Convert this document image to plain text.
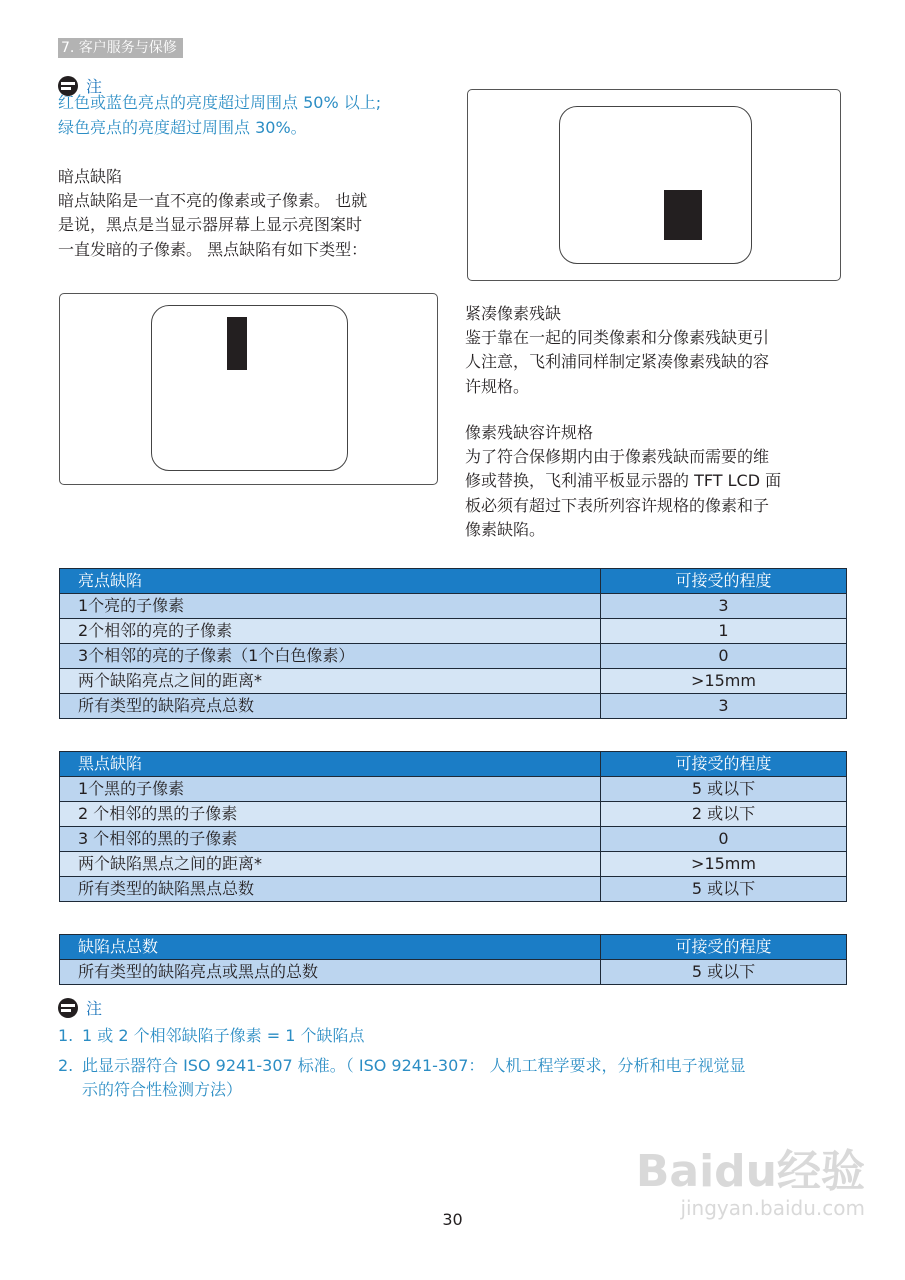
7. 客户服务与保修
注
红色或蓝色亮点的亮度超过周围点 50% 以上;
绿色亮点的亮度超过周围点 30%。
暗点缺陷
暗点缺陷是一直不亮的像素或子像素。 也就
是说，黑点是当显示器屏幕上显示亮图案时
一直发暗的子像素。 黑点缺陷有如下类型：
紧凑像素残缺
鉴于靠在一起的同类像素和分像素残缺更引
人注意，飞利浦同样制定紧凑像素残缺的容
许规格。
像素残缺容许规格
为了符合保修期内由于像素残缺而需要的维
修或替换，飞利浦平板显示器的 TFT LCD 面
板必须有超过下表所列容许规格的像素和子
像素缺陷。
亮点缺陷	可接受的程度
1个亮的子像素	3
2个相邻的亮的子像素	1
3个相邻的亮的子像素（1个白色像素）	0
两个缺陷亮点之间的距离*	>15mm
所有类型的缺陷亮点总数	3
黑点缺陷	可接受的程度
1个黑的子像素	5 或以下
2 个相邻的黑的子像素	2 或以下
3 个相邻的黑的子像素	0
两个缺陷黑点之间的距离*	>15mm
所有类型的缺陷黑点总数	5 或以下
缺陷点总数	可接受的程度
所有类型的缺陷亮点或黑点的总数	5 或以下
注
1. 1 或 2 个相邻缺陷子像素 = 1 个缺陷点
2. 此显示器符合 ISO 9241-307 标准。（ ISO 9241-307： 人机工程学要求，分析和电子视觉显
示的符合性检测方法）
30
Baidu经验
jingyan.baidu.com
